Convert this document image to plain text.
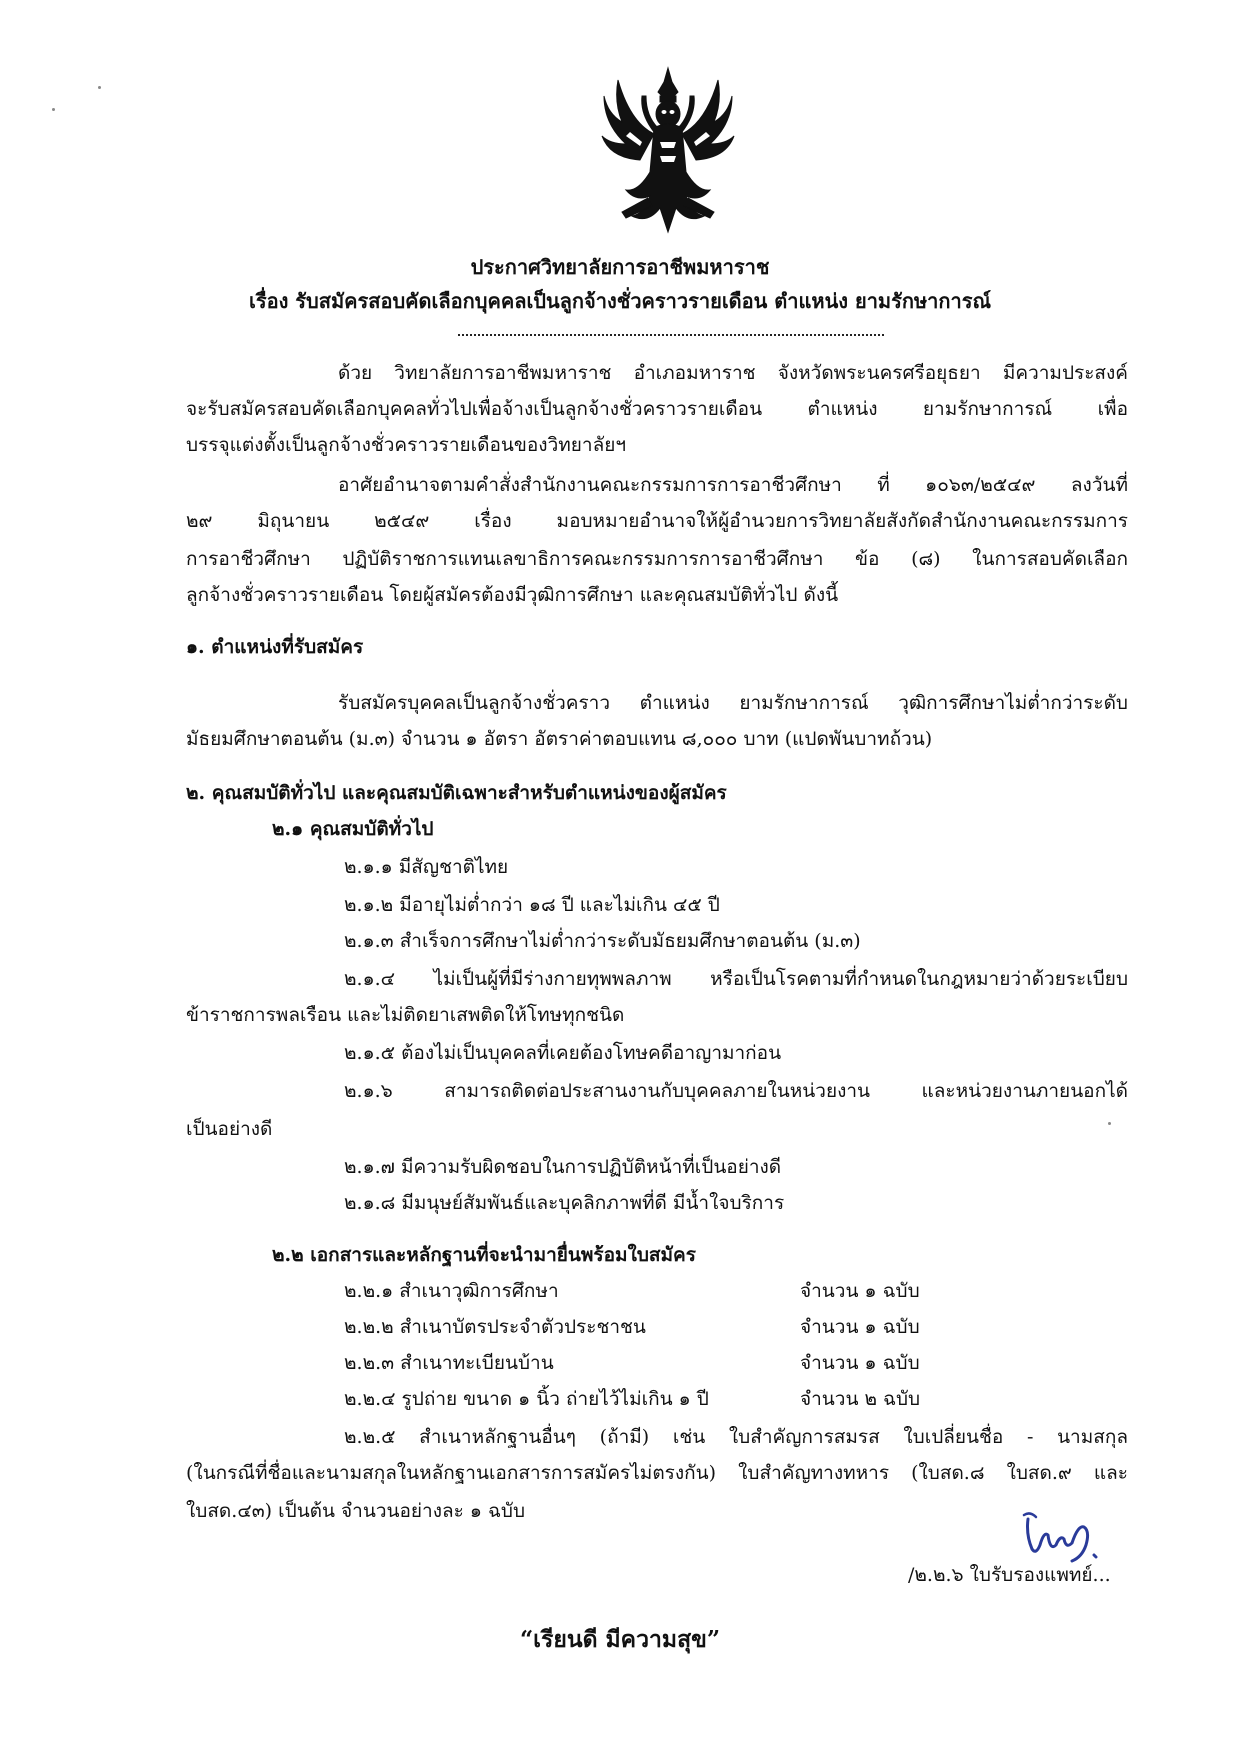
ประกาศวิทยาลัยการอาชีพมหาราช
เรื่อง รับสมัครสอบคัดเลือกบุคคลเป็นลูกจ้างชั่วคราวรายเดือน ตำแหน่ง ยามรักษาการณ์
ด้วย วิทยาลัยการอาชีพมหาราช อำเภอมหาราช จังหวัดพระนครศรีอยุธยา มีความประสงค์
จะรับสมัครสอบคัดเลือกบุคคลทั่วไปเพื่อจ้างเป็นลูกจ้างชั่วคราวรายเดือน ตำแหน่ง ยามรักษาการณ์ เพื่อ
บรรจุแต่งตั้งเป็นลูกจ้างชั่วคราวรายเดือนของวิทยาลัยฯ
อาศัยอำนาจตามคำสั่งสำนักงานคณะกรรมการการอาชีวศึกษา ที่ ๑๐๖๓/๒๕๔๙ ลงวันที่
๒๙ มิถุนายน ๒๕๔๙ เรื่อง มอบหมายอำนาจให้ผู้อำนวยการวิทยาลัยสังกัดสำนักงานคณะกรรมการ
การอาชีวศึกษา ปฏิบัติราชการแทนเลขาธิการคณะกรรมการการอาชีวศึกษา ข้อ (๘) ในการสอบคัดเลือก
ลูกจ้างชั่วคราวรายเดือน โดยผู้สมัครต้องมีวุฒิการศึกษา และคุณสมบัติทั่วไป ดังนี้
๑. ตำแหน่งที่รับสมัคร
รับสมัครบุคคลเป็นลูกจ้างชั่วคราว ตำแหน่ง ยามรักษาการณ์ วุฒิการศึกษาไม่ต่ำกว่าระดับ
มัธยมศึกษาตอนต้น (ม.๓) จำนวน ๑ อัตรา อัตราค่าตอบแทน ๘,๐๐๐ บาท (แปดพันบาทถ้วน)
๒. คุณสมบัติทั่วไป และคุณสมบัติเฉพาะสำหรับตำแหน่งของผู้สมัคร
๒.๑ คุณสมบัติทั่วไป
๒.๑.๑ มีสัญชาติไทย
๒.๑.๒ มีอายุไม่ต่ำกว่า ๑๘ ปี และไม่เกิน ๔๕ ปี
๒.๑.๓ สำเร็จการศึกษาไม่ต่ำกว่าระดับมัธยมศึกษาตอนต้น (ม.๓)
๒.๑.๔ ไม่เป็นผู้ที่มีร่างกายทุพพลภาพ หรือเป็นโรคตามที่กำหนดในกฎหมายว่าด้วยระเบียบ
ข้าราชการพลเรือน และไม่ติดยาเสพติดให้โทษทุกชนิด
๒.๑.๕ ต้องไม่เป็นบุคคลที่เคยต้องโทษคดีอาญามาก่อน
๒.๑.๖ สามารถติดต่อประสานงานกับบุคคลภายในหน่วยงาน และหน่วยงานภายนอกได้
เป็นอย่างดี
๒.๑.๗ มีความรับผิดชอบในการปฏิบัติหน้าที่เป็นอย่างดี
๒.๑.๘ มีมนุษย์สัมพันธ์และบุคลิกภาพที่ดี มีน้ำใจบริการ
๒.๒ เอกสารและหลักฐานที่จะนำมายื่นพร้อมใบสมัคร
๒.๒.๑ สำเนาวุฒิการศึกษา	จำนวน ๑ ฉบับ
๒.๒.๒ สำเนาบัตรประจำตัวประชาชน	จำนวน ๑ ฉบับ
๒.๒.๓ สำเนาทะเบียนบ้าน	จำนวน ๑ ฉบับ
๒.๒.๔ รูปถ่าย ขนาด ๑ นิ้ว ถ่ายไว้ไม่เกิน ๑ ปี	จำนวน ๒ ฉบับ
๒.๒.๕ สำเนาหลักฐานอื่นๆ (ถ้ามี) เช่น ใบสำคัญการสมรส ใบเปลี่ยนชื่อ - นามสกุล
(ในกรณีที่ชื่อและนามสกุลในหลักฐานเอกสารการสมัครไม่ตรงกัน) ใบสำคัญทางทหาร (ใบสด.๘ ใบสด.๙ และ
ใบสด.๔๓) เป็นต้น จำนวนอย่างละ ๑ ฉบับ
/๒.๒.๖ ใบรับรองแพทย์...
“เรียนดี มีความสุข”
